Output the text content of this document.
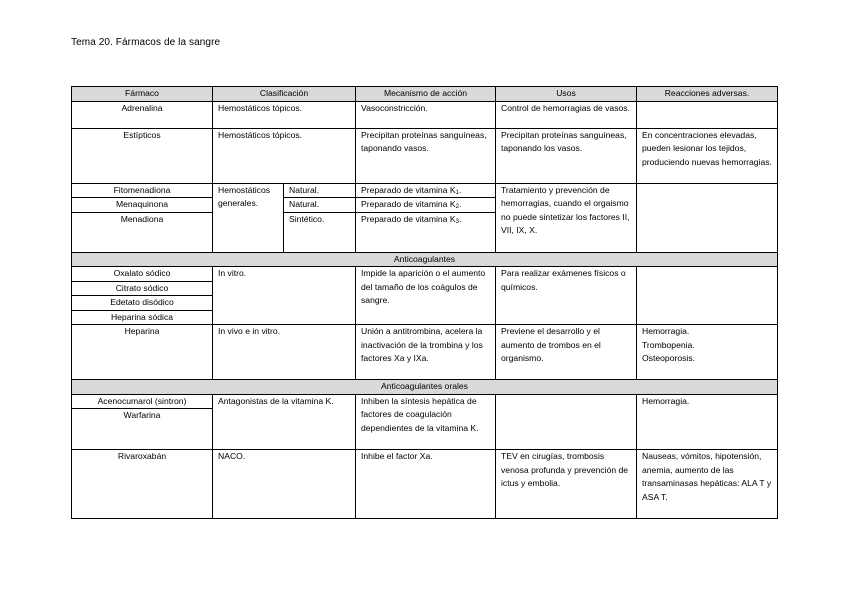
Tema 20. Fármacos de la sangre
Fármaco	Clasificación		Mecanismo de acción	Usos	Reacciones adversas.
Adrenalina	Hemostáticos tópicos.		Vasoconstricción.	Control de hemorragias de vasos.	
Estípticos	Hemostáticos tópicos.		Precipitan proteínas sanguíneas, taponando vasos.	Precipitan proteínas sanguíneas, taponando los vasos.	En concentraciones elevadas, pueden lesionar los tejidos, produciendo nuevas hemorragias.
Fitomenadiona	Hemostáticos generales.	Natural.	Preparado de vitamina $K_1$.	Tratamiento y prevención de hemorragias, cuando el orgaismo no puede sintetizar los factores II, VII, IX, X.	
Menaquinona		Natural.	Preparado de vitamina $K_2$.		
Menadiona		Sintético.	Preparado de vitamina $K_3$.		
Anticoagulantes					
Oxalato sódico	In vitro.		Impide la aparición o el aumento del tamaño de los coágulos de sangre.	Para realizar exámenes físicos o químicos.	
Citrato sódico					
Edetato disódico					
Heparina sódica					
Heparina	In vivo e in vitro.		Unión a antitrombina, acelera la inactivación de la trombina y los factores Xa y IXa.	Previene el desarrollo y el aumento de trombos en el organismo.	Hemorragia.
Trombopenia.
Osteoporosis.

Anticoagulantes orales					
Acenocumarol (sintron)	Antagonistas de la vitamina K.		Inhiben la síntesis hepática de factores de coagulación dependientes de la vitamina K.		Hemorragia.
Warfarina					
Rivaroxabán	NACO.		Inhibe el factor Xa.	TEV en cirugías, trombosis venosa profunda y prevención de ictus y embolia.	Nauseas, vómitos, hipotensión, anemia, aumento de las transaminasas hepáticas: ALA T y ASA T.
